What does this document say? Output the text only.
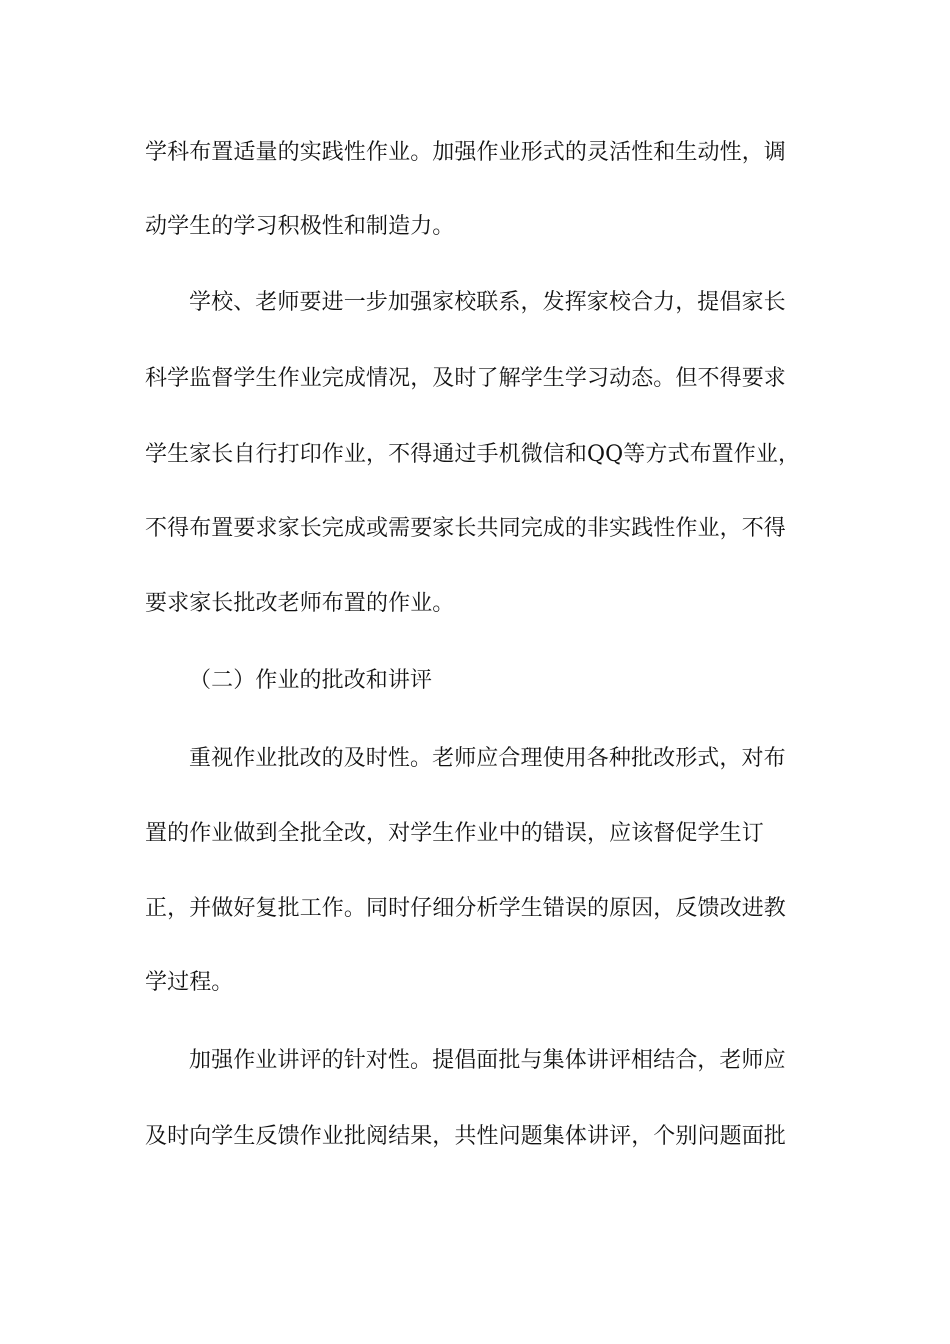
学科布置适量的实践性作业。加强作业形式的灵活性和生动性，调
动学生的学习积极性和制造力。
学校、老师要进一步加强家校联系，发挥家校合力，提倡家长
科学监督学生作业完成情况，及时了解学生学习动态。但不得要求
学生家长自行打印作业，不得通过手机微信和QQ等方式布置作业，
不得布置要求家长完成或需要家长共同完成的非实践性作业，不得
要求家长批改老师布置的作业。
（二）作业的批改和讲评
重视作业批改的及时性。老师应合理使用各种批改形式，对布
置的作业做到全批全改，对学生作业中的错误，应该督促学生订
正，并做好复批工作。同时仔细分析学生错误的原因，反馈改进教
学过程。
加强作业讲评的针对性。提倡面批与集体讲评相结合，老师应
及时向学生反馈作业批阅结果，共性问题集体讲评，个别问题面批
